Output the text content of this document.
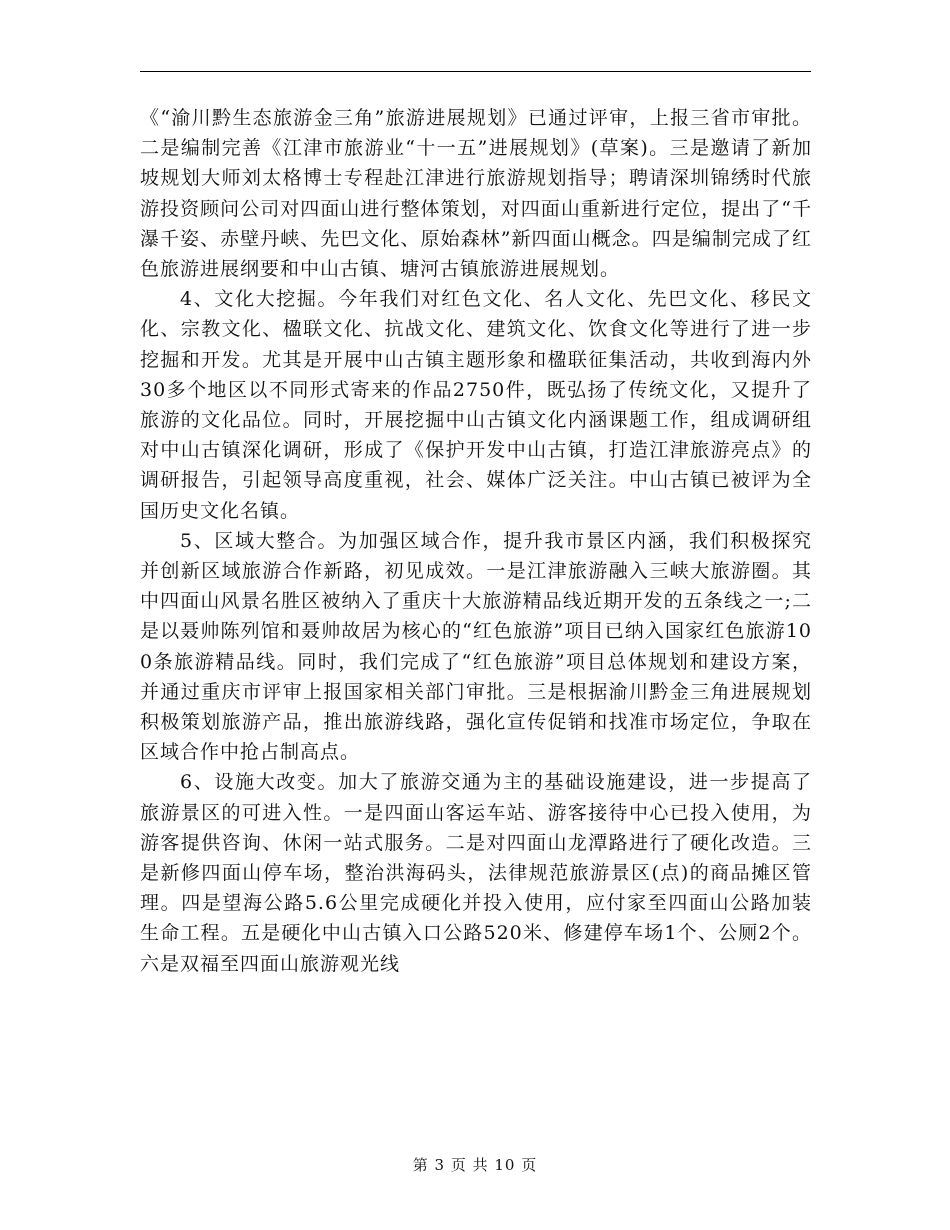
《“渝川黔生态旅游金三角”旅游进展规划》已通过评审，上报三省市审批。二是编制完善《江津市旅游业“十一五”进展规划》(草案)。三是邀请了新加坡规划大师刘太格博士专程赴江津进行旅游规划指导；聘请深圳锦绣时代旅游投资顾问公司对四面山进行整体策划，对四面山重新进行定位，提出了“千瀑千姿、赤壁丹峡、先巴文化、原始森林”新四面山概念。四是编制完成了红色旅游进展纲要和中山古镇、塘河古镇旅游进展规划。

4、文化大挖掘。今年我们对红色文化、名人文化、先巴文化、移民文化、宗教文化、楹联文化、抗战文化、建筑文化、饮食文化等进行了进一步挖掘和开发。尤其是开展中山古镇主题形象和楹联征集活动，共收到海内外30多个地区以不同形式寄来的作品2750件，既弘扬了传统文化，又提升了旅游的文化品位。同时，开展挖掘中山古镇文化内涵课题工作，组成调研组对中山古镇深化调研，形成了《保护开发中山古镇，打造江津旅游亮点》的调研报告，引起领导高度重视，社会、媒体广泛关注。中山古镇已被评为全国历史文化名镇。

5、区域大整合。为加强区域合作，提升我市景区内涵，我们积极探究并创新区域旅游合作新路，初见成效。一是江津旅游融入三峡大旅游圈。其中四面山风景名胜区被纳入了重庆十大旅游精品线近期开发的五条线之一;二是以聂帅陈列馆和聂帅故居为核心的“红色旅游”项目已纳入国家红色旅游100条旅游精品线。同时，我们完成了“红色旅游”项目总体规划和建设方案，并通过重庆市评审上报国家相关部门审批。三是根据渝川黔金三角进展规划积极策划旅游产品，推出旅游线路，强化宣传促销和找准市场定位，争取在区域合作中抢占制高点。

6、设施大改变。加大了旅游交通为主的基础设施建设，进一步提高了旅游景区的可进入性。一是四面山客运车站、游客接待中心已投入使用，为游客提供咨询、休闲一站式服务。二是对四面山龙潭路进行了硬化改造。三是新修四面山停车场，整治洪海码头，法律规范旅游景区(点)的商品摊区管理。四是望海公路5.6公里完成硬化并投入使用，应付家至四面山公路加装生命工程。五是硬化中山古镇入口公路520米、修建停车场1个、公厕2个。六是双福至四面山旅游观光线

第 3 页 共 10 页
